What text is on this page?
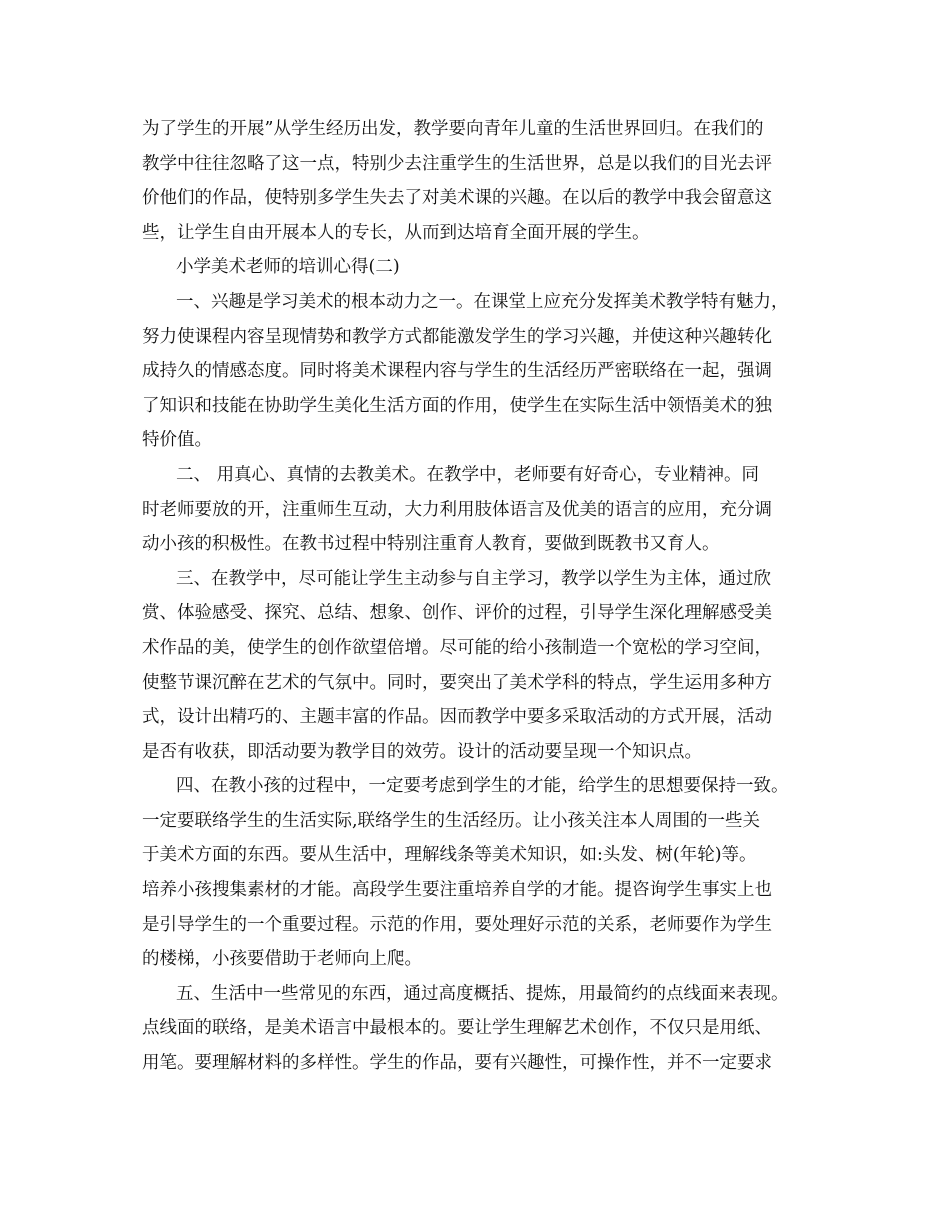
为了学生的开展”从学生经历出发，教学要向青年儿童的生活世界回归。在我们的
教学中往往忽略了这一点，特别少去注重学生的生活世界，总是以我们的目光去评
价他们的作品，使特别多学生失去了对美术课的兴趣。在以后的教学中我会留意这
些，让学生自由开展本人的专长，从而到达培育全面开展的学生。
小学美术老师的培训心得(二)
一、兴趣是学习美术的根本动力之一。在课堂上应充分发挥美术教学特有魅力，
努力使课程内容呈现情势和教学方式都能激发学生的学习兴趣，并使这种兴趣转化
成持久的情感态度。同时将美术课程内容与学生的生活经历严密联络在一起，强调
了知识和技能在协助学生美化生活方面的作用，使学生在实际生活中领悟美术的独
特价值。
二、 用真心、真情的去教美术。在教学中，老师要有好奇心，专业精神。同
时老师要放的开，注重师生互动，大力利用肢体语言及优美的语言的应用，充分调
动小孩的积极性。在教书过程中特别注重育人教育，要做到既教书又育人。
三、在教学中，尽可能让学生主动参与自主学习，教学以学生为主体，通过欣
赏、体验感受、探究、总结、想象、创作、评价的过程，引导学生深化理解感受美
术作品的美，使学生的创作欲望倍增。尽可能的给小孩制造一个宽松的学习空间，
使整节课沉醉在艺术的气氛中。同时，要突出了美术学科的特点，学生运用多种方
式，设计出精巧的、主题丰富的作品。因而教学中要多采取活动的方式开展，活动
是否有收获，即活动要为教学目的效劳。设计的活动要呈现一个知识点。
四、在教小孩的过程中，一定要考虑到学生的才能，给学生的思想要保持一致。
一定要联络学生的生活实际,联络学生的生活经历。让小孩关注本人周围的一些关
于美术方面的东西。要从生活中，理解线条等美术知识，如:头发、树(年轮)等。
培养小孩搜集素材的才能。高段学生要注重培养自学的才能。提咨询学生事实上也
是引导学生的一个重要过程。示范的作用，要处理好示范的关系，老师要作为学生
的楼梯，小孩要借助于老师向上爬。
五、生活中一些常见的东西，通过高度概括、提炼，用最简约的点线面来表现。
点线面的联络，是美术语言中最根本的。要让学生理解艺术创作，不仅只是用纸、
用笔。要理解材料的多样性。学生的作品，要有兴趣性，可操作性，并不一定要求
